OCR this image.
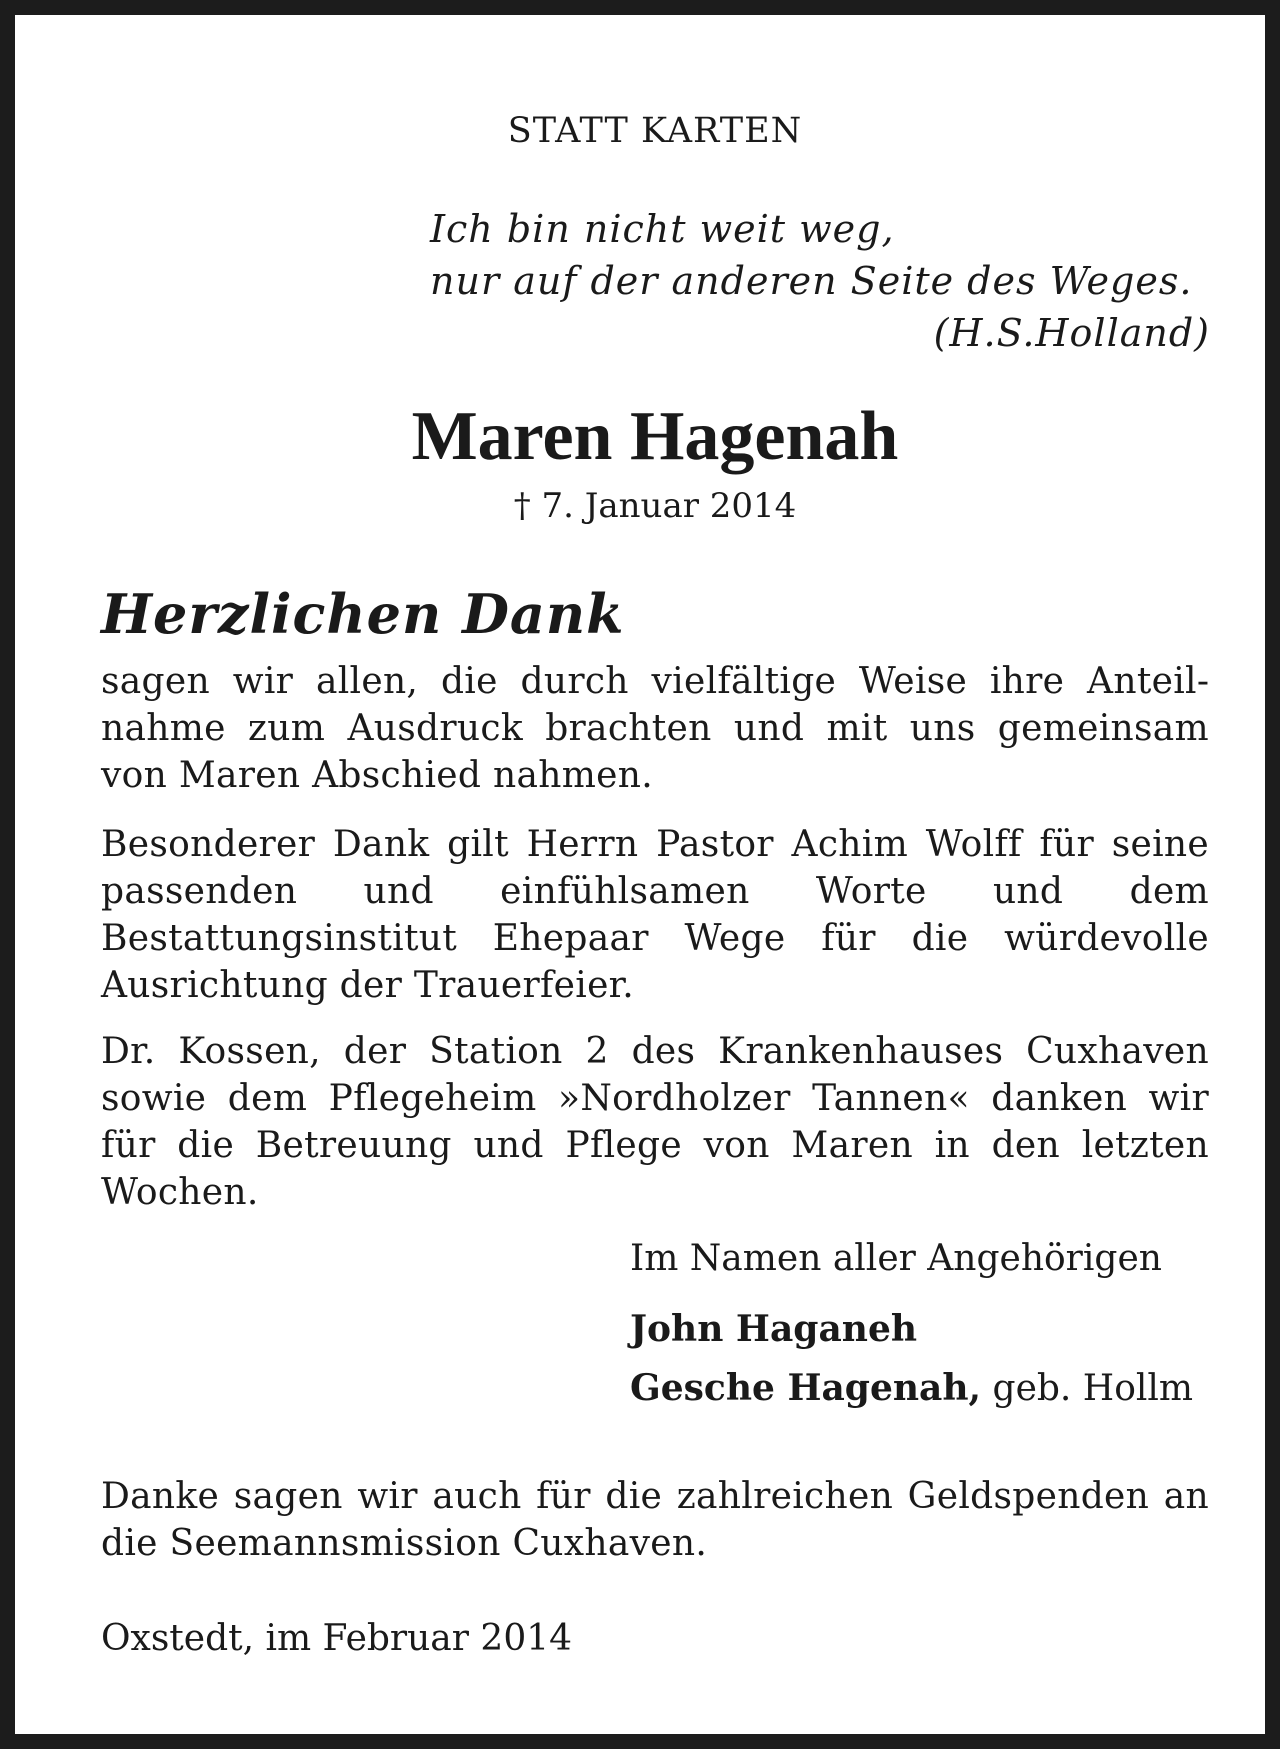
STATT KARTEN

Ich bin nicht weit weg,
nur auf der anderen Seite des Weges.
(H.S.Holland)
Maren Hagenah

† 7. Januar 2014

Herzlichen Dank

sagen wir allen, die durch vielfältige Weise ihre Anteilnahme zum Ausdruck brachten und mit uns gemeinsam von Maren Abschied nahmen.

Besonderer Dank gilt Herrn Pastor Achim Wolff für seine passenden und einfühlsamen Worte und dem Bestattungsinstitut Ehepaar Wege für die würdevolle Ausrichtung der Trauerfeier.

Dr. Kossen, der Station 2 des Krankenhauses Cuxhaven sowie dem Pflegeheim »Nordholzer Tannen« danken wir für die Betreuung und Pflege von Maren in den letzten Wochen.

Im Namen aller Angehörigen

John Haganeh
Gesche Hagenah, geb. Hollm

Danke sagen wir auch für die zahlreichen Geldspenden an die Seemannsmission Cuxhaven.

Oxstedt, im Februar 2014
